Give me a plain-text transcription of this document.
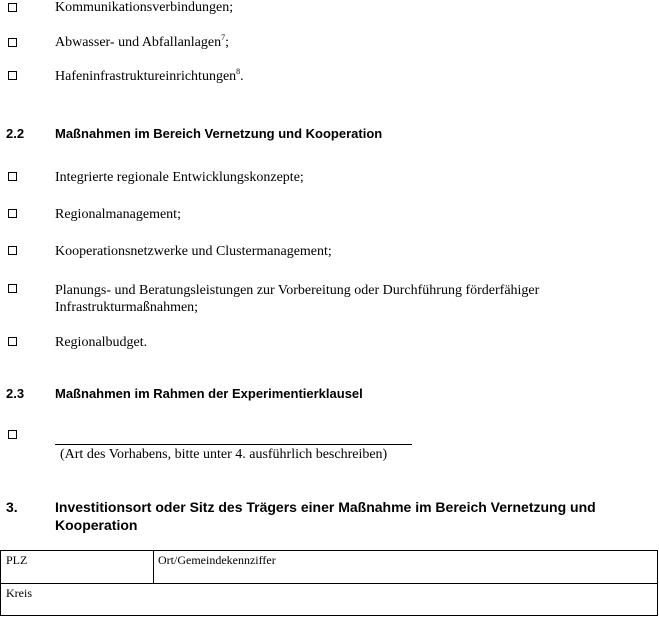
Kommunikationsverbindungen;
Abwasser- und Abfallanlagen$^7$;
Hafeninfrastruktureinrichtungen$^8$.
2.2 Maßnahmen im Bereich Vernetzung und Kooperation
Integrierte regionale Entwicklungskonzepte;
Regionalmanagement;
Kooperationsnetzwerke und Clustermanagement;
Planungs- und Beratungsleistungen zur Vorbereitung oder Durchführung förderfähiger Infrastrukturmaßnahmen;
Regionalbudget.
2.3 Maßnahmen im Rahmen der Experimentierklausel
(Art des Vorhabens, bitte unter 4. ausführlich beschreiben)
3.	Investitionsort oder Sitz des Trägers einer Maßnahme im Bereich Vernetzung und Kooperation
PLZ	Ort/Gemeindekennziffer
Kreis
